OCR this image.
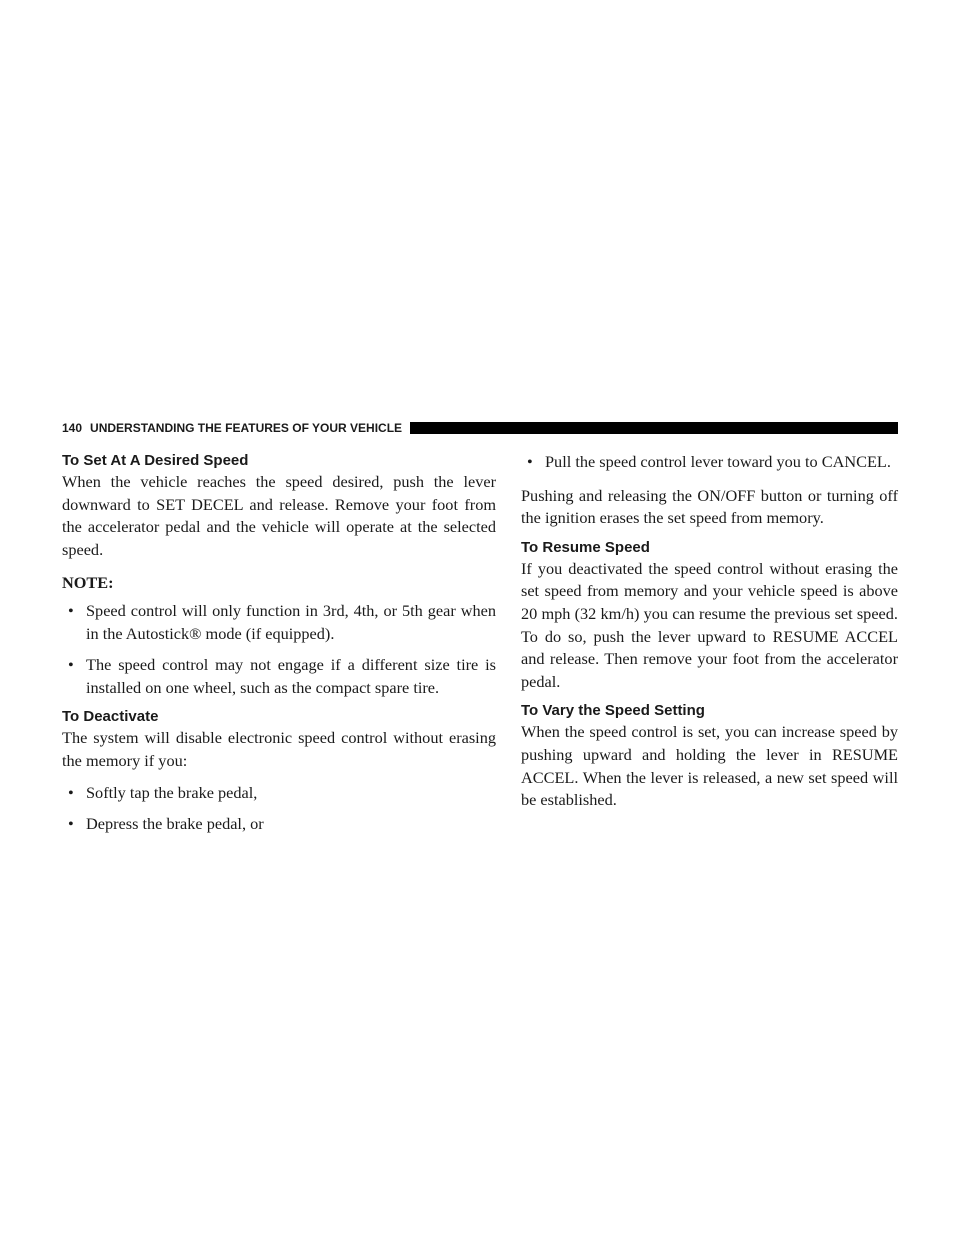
140 UNDERSTANDING THE FEATURES OF YOUR VEHICLE
To Set At A Desired Speed

When the vehicle reaches the speed desired, push the lever downward to SET DECEL and release. Remove your foot from the accelerator pedal and the vehicle will operate at the selected speed.

NOTE:
• Speed control will only function in 3rd, 4th, or 5th gear when in the Autostick® mode (if equipped).
• The speed control may not engage if a different size tire is installed on one wheel, such as the compact spare tire.
To Deactivate

The system will disable electronic speed control without erasing the memory if you:

• Softly tap the brake pedal,
• Depress the brake pedal, or
• Pull the speed control lever toward you to CANCEL.

Pushing and releasing the ON/OFF button or turning off the ignition erases the set speed from memory.

To Resume Speed

If you deactivated the speed control without erasing the set speed from memory and your vehicle speed is above 20 mph (32 km/h) you can resume the previous set speed. To do so, push the lever upward to RESUME ACCEL and release. Then remove your foot from the accelerator pedal.

To Vary the Speed Setting

When the speed control is set, you can increase speed by pushing upward and holding the lever in RESUME ACCEL. When the lever is released, a new set speed will be established.
